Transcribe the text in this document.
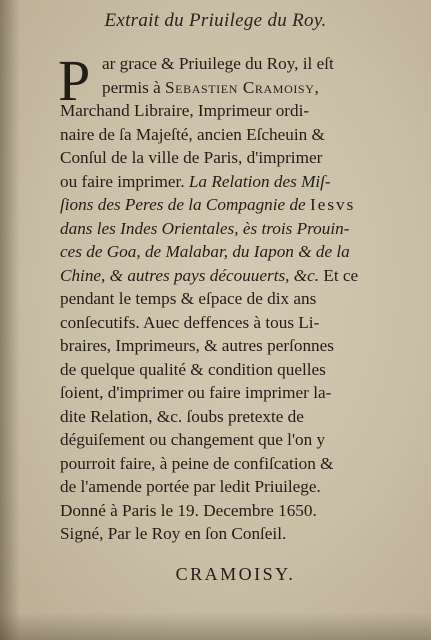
Extrait du Priuilege du Roy.
P ar grace & Priuilege du Roy, il eſt
permis à Sebastien Cramoisy,
Marchand Libraire, Imprimeur ordi-
naire de ſa Majeſté, ancien Eſcheuin &
Conſul de la ville de Paris, d'imprimer
ou faire imprimer. La Relation des Miſ-
ſions des Peres de la Compagnie de Iesvs
dans les Indes Orientales, ès trois Prouin-
ces de Goa, de Malabar, du Iapon & de la
Chine, & autres pays découuerts, &c. Et ce
pendant le temps & eſpace de dix ans
conſecutifs. Auec deffences à tous Li-
braires, Imprimeurs, & autres perſonnes
de quelque qualité & condition quelles
ſoient, d'imprimer ou faire imprimer la-
dite Relation, &c. ſoubs pretexte de
déguiſement ou changement que l'on y
pourroit faire, à peine de confiſcation &
de l'amende portée par ledit Priuilege.
Donné à Paris le 19. Decembre 1650.
Signé, Par le Roy en ſon Conſeil.
CRAMOISY.
